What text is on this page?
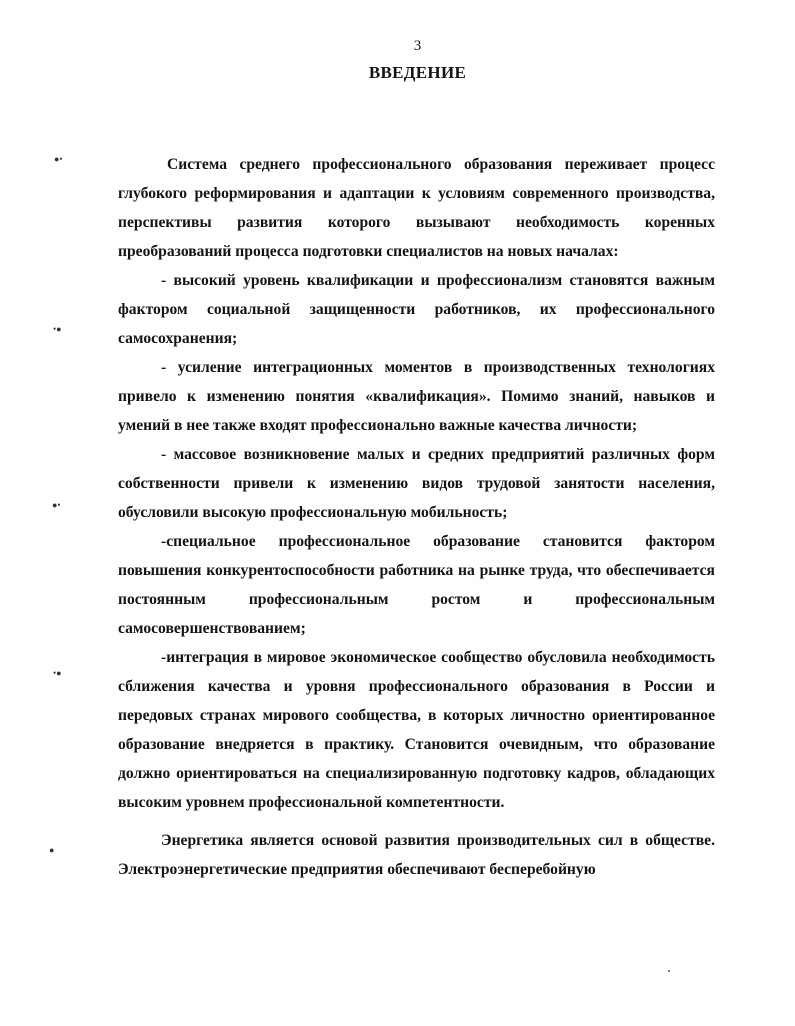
3
ВВЕДЕНИЕ

Система среднего профессионального образования переживает процесс глубокого реформирования и адаптации к условиям современного производства, перспективы развития которого вызывают необходимость коренных преобразований процесса подготовки специалистов на новых началах:

- высокий уровень квалификации и профессионализм становятся важным фактором социальной защищенности работников, их профессионального самосохранения;

- усиление интеграционных моментов в производственных технологиях привело к изменению понятия «квалификация». Помимо знаний, навыков и умений в нее также входят профессионально важные качества личности;

- массовое возникновение малых и средних предприятий различных форм собственности привели к изменению видов трудовой занятости населения, обусловили высокую профессиональную мобильность;

-специальное профессиональное образование становится фактором повышения конкурентоспособности работника на рынке труда, что обеспечивается постоянным профессиональным ростом и профессиональным самосовершенствованием;

-интеграция в мировое экономическое сообщество обусловила необходимость сближения качества и уровня профессионального образования в России и передовых странах мирового сообщества, в которых личностно ориентированное образование внедряется в практику. Становится очевидным, что образование должно ориентироваться на специализированную подготовку кадров, обладающих высоким уровнем профессиональной компетентности.

Энергетика является основой развития производительных сил в обществе. Электроэнергетические предприятия обеспечивают бесперебойную

●•
•●
●•
•●
●
